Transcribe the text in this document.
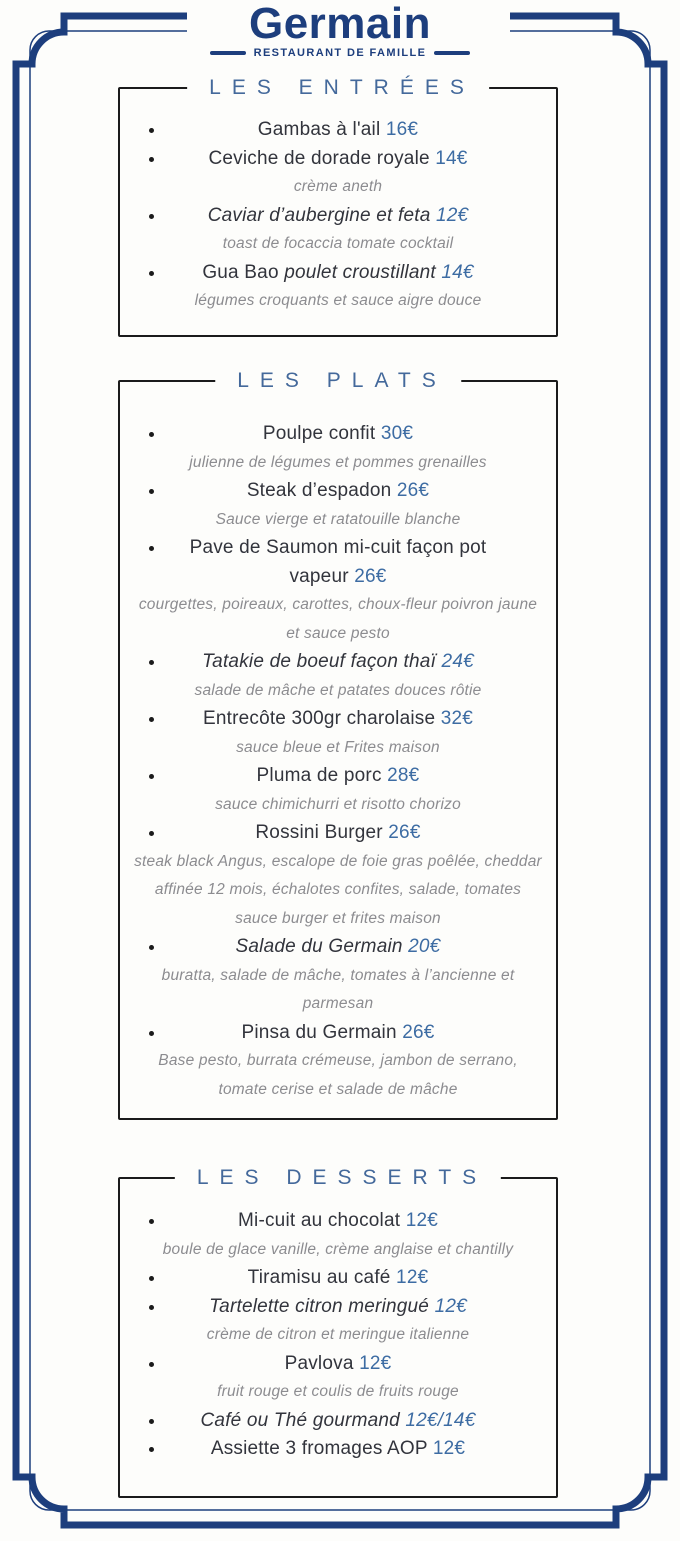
Germain
RESTAURANT DE FAMILLE
LES ENTRÉES
Gambas à l'ail 16€
Ceviche de dorade royale 14€
crème aneth
Caviar d’aubergine et feta 12€
toast de focaccia tomate cocktail
Gua Bao poulet croustillant 14€
légumes croquants et sauce aigre douce
LES PLATS
Poulpe confit 30€
julienne de légumes et pommes grenailles
Steak d’espadon 26€
Sauce vierge et ratatouille blanche
Pave de Saumon mi-cuit façon pot vapeur 26€
courgettes, poireaux, carottes, choux-fleur poivron jaune et sauce pesto
Tatakie de boeuf façon thaï 24€
salade de mâche et patates douces rôtie
Entrecôte 300gr charolaise 32€
sauce bleue et Frites maison
Pluma de porc 28€
sauce chimichurri et risotto chorizo
Rossini Burger 26€
steak black Angus, escalope de foie gras poêlée, cheddar affinée 12 mois, échalotes confites, salade, tomates sauce burger et frites maison
Salade du Germain 20€
buratta, salade de mâche, tomates à l’ancienne et parmesan
Pinsa du Germain 26€
Base pesto, burrata crémeuse, jambon de serrano, tomate cerise et salade de mâche
LES DESSERTS
Mi-cuit au chocolat 12€
boule de glace vanille, crème anglaise et chantilly
Tiramisu au café 12€
Tartelette citron meringué 12€
crème de citron et meringue italienne
Pavlova 12€
fruit rouge et coulis de fruits rouge
Café ou Thé gourmand 12€/14€
Assiette 3 fromages AOP 12€
